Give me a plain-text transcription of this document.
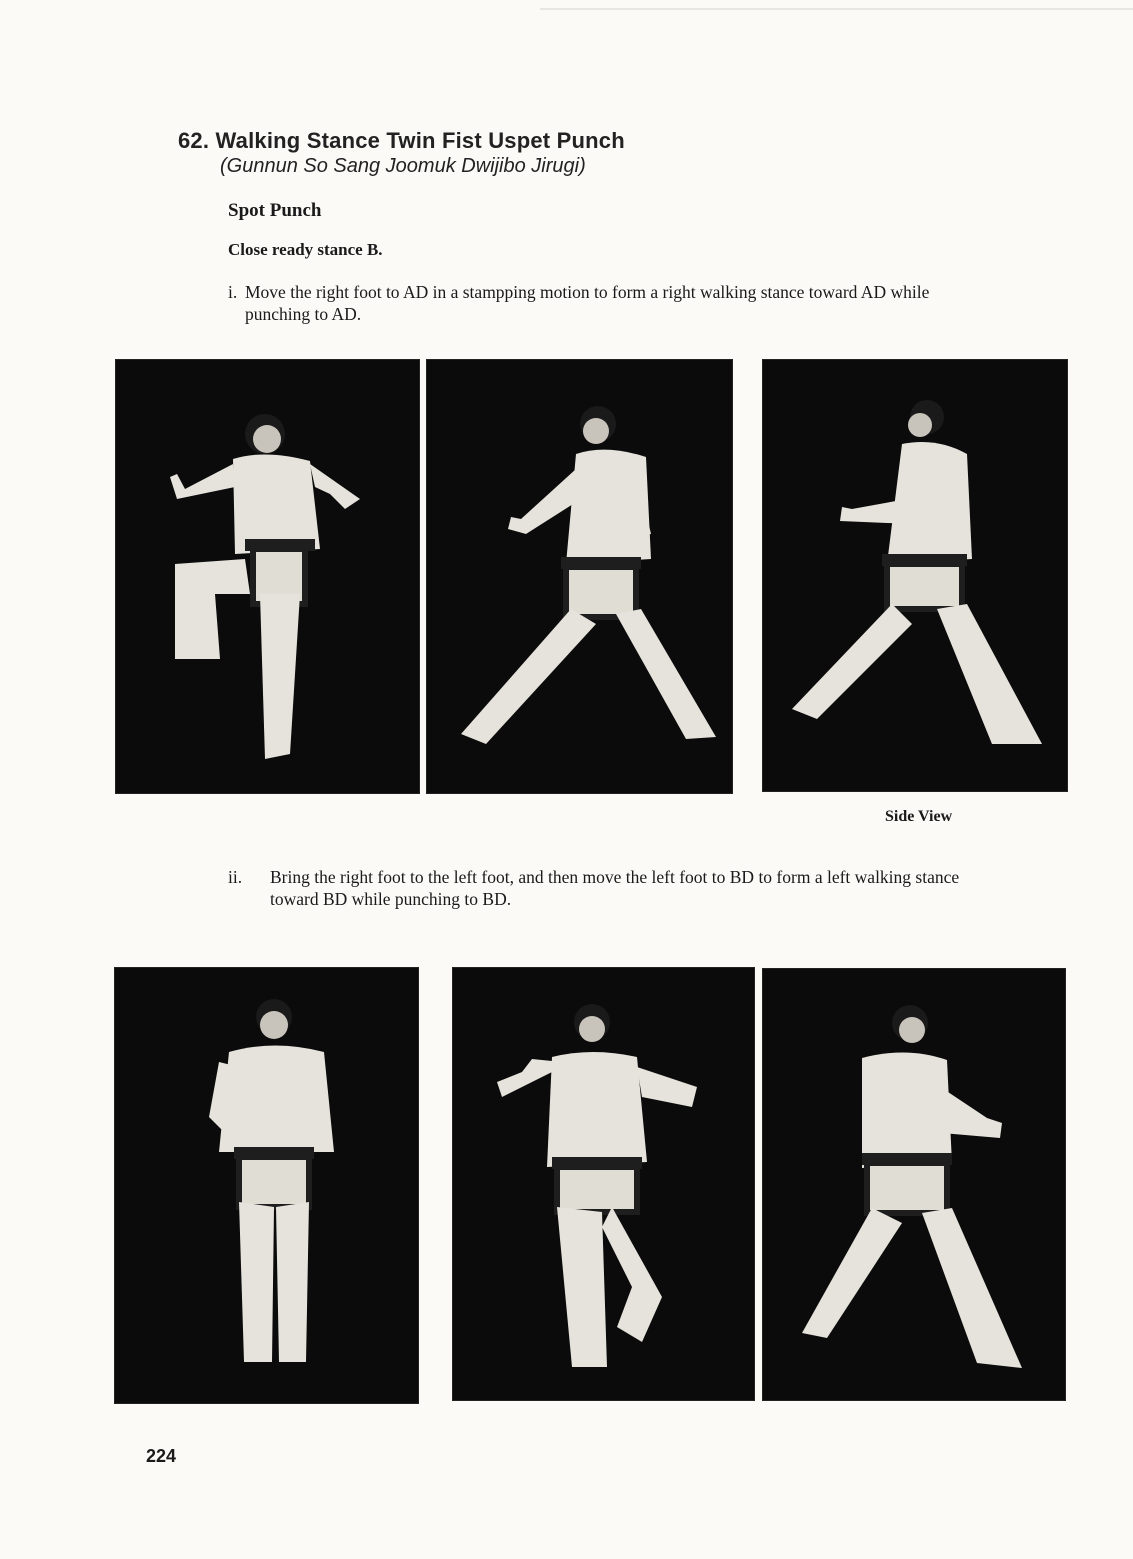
62. Walking Stance Twin Fist Uspet Punch
(Gunnun So Sang Joomuk Dwijibo Jirugi)
Spot Punch
Close ready stance B.
i. Move the right foot to AD in a stampping motion to form a right walking stance toward AD while punching to AD.
Side View
ii. Bring the right foot to the left foot, and then move the left foot to BD to form a left walking stance toward BD while punching to BD.
224
